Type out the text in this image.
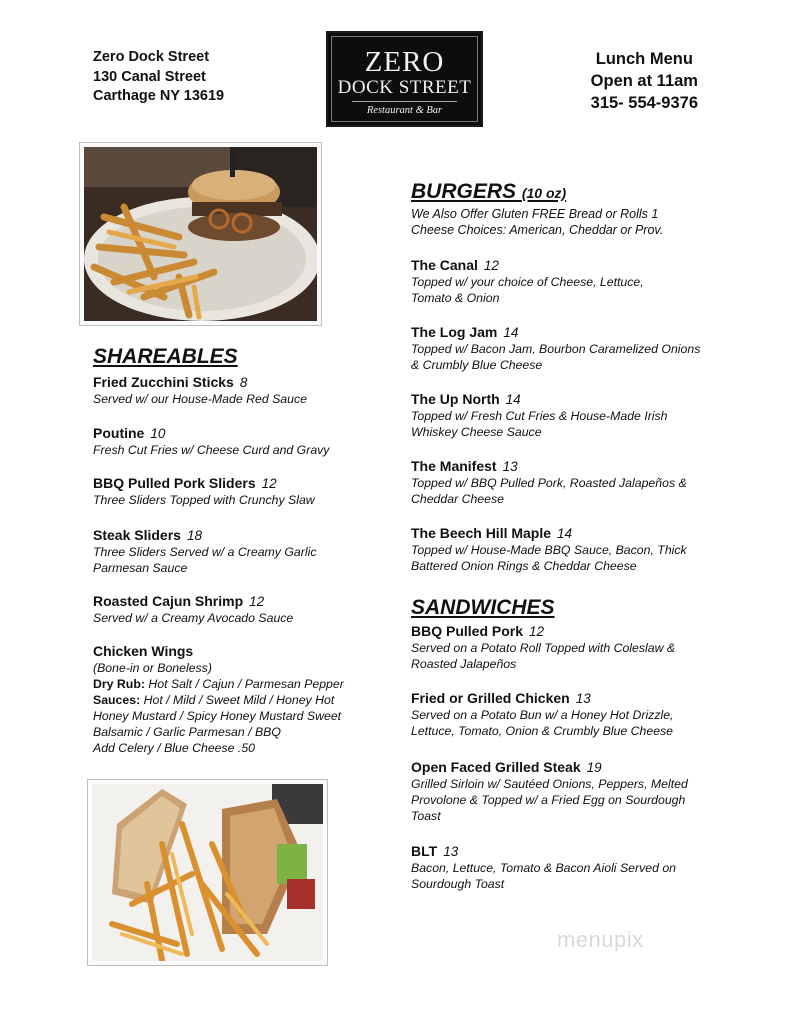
Zero Dock Street
130 Canal Street
Carthage NY 13619
ZERO
DOCK STREET
Restaurant & Bar
Lunch Menu
Open at 11am
315- 554-9376
SHAREABLES
Fried Zucchini Sticks 8
Served w/ our House-Made Red Sauce
Poutine 10
Fresh Cut Fries w/ Cheese Curd and Gravy
BBQ Pulled Pork Sliders 12
Three Sliders Topped with Crunchy Slaw
Steak Sliders 18
Three Sliders Served w/ a Creamy Garlic Parmesan Sauce
Roasted Cajun Shrimp 12
Served w/ a Creamy Avocado Sauce
Chicken Wings
(Bone-in or Boneless)
Dry Rub: Hot Salt / Cajun / Parmesan Pepper
Sauces: Hot / Mild / Sweet Mild / Honey Hot Honey Mustard / Spicy Honey Mustard Sweet Balsamic / Garlic Parmesan / BBQ
Add Celery / Blue Cheese .50
BURGERS (10 oz)
We Also Offer Gluten FREE Bread or Rolls 1
Cheese Choices: American, Cheddar or Prov.
The Canal 12
Topped w/ your choice of Cheese, Lettuce, Tomato & Onion
The Log Jam 14
Topped w/ Bacon Jam, Bourbon Caramelized Onions & Crumbly Blue Cheese
The Up North 14
Topped w/ Fresh Cut Fries & House-Made Irish Whiskey Cheese Sauce
The Manifest 13
Topped w/ BBQ Pulled Pork, Roasted Jalapeños & Cheddar Cheese
The Beech Hill Maple 14
Topped w/ House-Made BBQ Sauce, Bacon, Thick Battered Onion Rings & Cheddar Cheese
SANDWICHES
BBQ Pulled Pork 12
Served on a Potato Roll Topped with Coleslaw & Roasted Jalapeños
Fried or Grilled Chicken 13
Served on a Potato Bun w/ a Honey Hot Drizzle, Lettuce, Tomato, Onion & Crumbly Blue Cheese
Open Faced Grilled Steak 19
Grilled Sirloin w/ Sautéed Onions, Peppers, Melted Provolone & Topped w/ a Fried Egg on Sourdough Toast
BLT 13
Bacon, Lettuce, Tomato & Bacon Aioli Served on Sourdough Toast
menupix
